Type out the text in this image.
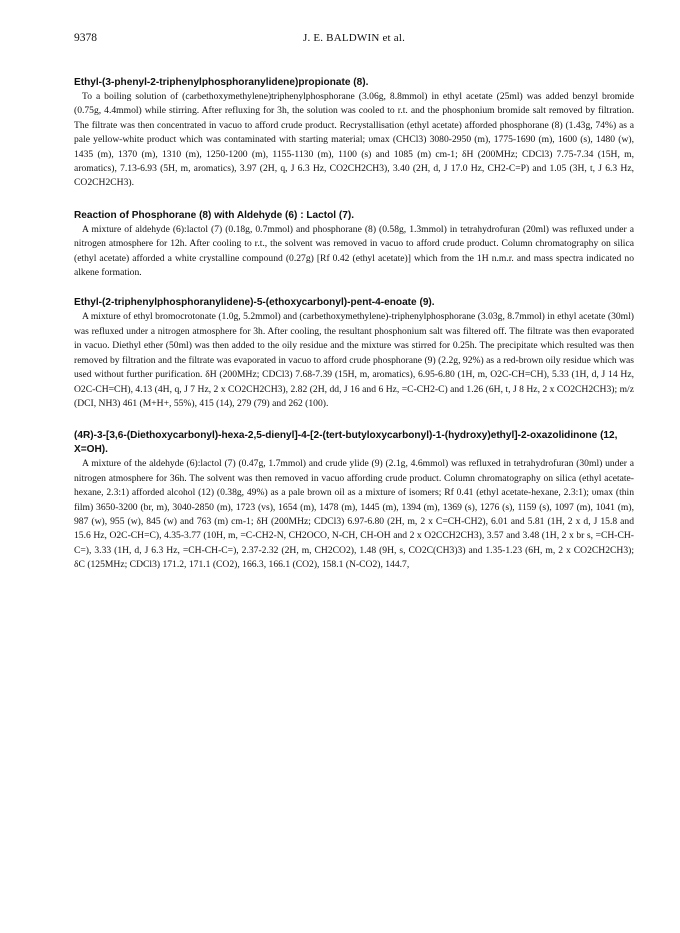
9378	J. E. BALDWIN et al.
Ethyl-(3-phenyl-2-triphenylphosphoranylidene)propionate (8).
To a boiling solution of (carbethoxymethylene)triphenylphosphorane (3.06g, 8.8mmol) in ethyl acetate (25ml) was added benzyl bromide (0.75g, 4.4mmol) while stirring. After refluxing for 3h, the solution was cooled to r.t. and the phosphonium bromide salt removed by filtration. The filtrate was then concentrated in vacuo to afford crude product. Recrystallisation (ethyl acetate) afforded phosphorane (8) (1.43g, 74%) as a pale yellow-white product which was contaminated with starting material; υmax (CHCl3) 3080-2950 (m), 1775-1690 (m), 1600 (s), 1480 (w), 1435 (m), 1370 (m), 1310 (m), 1250-1200 (m), 1155-1130 (m), 1100 (s) and 1085 (m) cm-1; δH (200MHz; CDCl3) 7.75-7.34 (15H, m, aromatics), 7.13-6.93 (5H, m, aromatics), 3.97 (2H, q, J 6.3 Hz, CO2CH2CH3), 3.40 (2H, d, J 17.0 Hz, CH2-C=P) and 1.05 (3H, t, J 6.3 Hz, CO2CH2CH3).
Reaction of Phosphorane (8) with Aldehyde (6) : Lactol (7).
A mixture of aldehyde (6):lactol (7) (0.18g, 0.7mmol) and phosphorane (8) (0.58g, 1.3mmol) in tetrahydrofuran (20ml) was refluxed under a nitrogen atmosphere for 12h. After cooling to r.t., the solvent was removed in vacuo to afford crude product. Column chromatography on silica (ethyl acetate) afforded a white crystalline compound (0.27g) [Rf 0.42 (ethyl acetate)] which from the 1H n.m.r. and mass spectra indicated no alkene formation.
Ethyl-(2-triphenylphosphoranylidene)-5-(ethoxycarbonyl)-pent-4-enoate (9).
A mixture of ethyl bromocrotonate (1.0g, 5.2mmol) and (carbethoxymethylene)-triphenylphosphorane (3.03g, 8.7mmol) in ethyl acetate (30ml) was refluxed under a nitrogen atmosphere for 3h. After cooling, the resultant phosphonium salt was filtered off. The filtrate was then evaporated in vacuo. Diethyl ether (50ml) was then added to the oily residue and the mixture was stirred for 0.25h. The precipitate which resulted was then removed by filtration and the filtrate was evaporated in vacuo to afford crude phosphorane (9) (2.2g, 92%) as a red-brown oily residue which was used without further purification. δH (200MHz; CDCl3) 7.68-7.39 (15H, m, aromatics), 6.95-6.80 (1H, m, O2C-CH=CH), 5.33 (1H, d, J 14 Hz, O2C-CH=CH), 4.13 (4H, q, J 7 Hz, 2 x CO2CH2CH3), 2.82 (2H, dd, J 16 and 6 Hz, =C-CH2-C) and 1.26 (6H, t, J 8 Hz, 2 x CO2CH2CH3); m/z (DCI, NH3) 461 (M+H+, 55%), 415 (14), 279 (79) and 262 (100).
(4R)-3-[3,6-(Diethoxycarbonyl)-hexa-2,5-dienyl]-4-[2-(tert-butyloxycarbonyl)-1-(hydroxy)ethyl]-2-oxazolidinone (12, X=OH).
A mixture of the aldehyde (6):lactol (7) (0.47g, 1.7mmol) and crude ylide (9) (2.1g, 4.6mmol) was refluxed in tetrahydrofuran (30ml) under a nitrogen atmosphere for 36h. The solvent was then removed in vacuo affording crude product. Column chromatography on silica (ethyl acetate-hexane, 2.3:1) afforded alcohol (12) (0.38g, 49%) as a pale brown oil as a mixture of isomers; Rf 0.41 (ethyl acetate-hexane, 2.3:1); υmax (thin film) 3650-3200 (br, m), 3040-2850 (m), 1723 (vs), 1654 (m), 1478 (m), 1445 (m), 1394 (m), 1369 (s), 1276 (s), 1159 (s), 1097 (m), 1041 (m), 987 (w), 955 (w), 845 (w) and 763 (m) cm-1; δH (200MHz; CDCl3) 6.97-6.80 (2H, m, 2 x C=CH-CH2), 6.01 and 5.81 (1H, 2 x d, J 15.8 and 15.6 Hz, O2C-CH=C), 4.35-3.77 (10H, m, =C-CH2-N, CH2OCO, N-CH, CH-OH and 2 x O2CCH2CH3), 3.57 and 3.48 (1H, 2 x br s, =CH-CH-C=), 3.33 (1H, d, J 6.3 Hz, =CH-CH-C=), 2.37-2.32 (2H, m, CH2CO2), 1.48 (9H, s, CO2C(CH3)3) and 1.35-1.23 (6H, m, 2 x CO2CH2CH3); δC (125MHz; CDCl3) 171.2, 171.1 (CO2), 166.3, 166.1 (CO2), 158.1 (N-CO2), 144.7,
